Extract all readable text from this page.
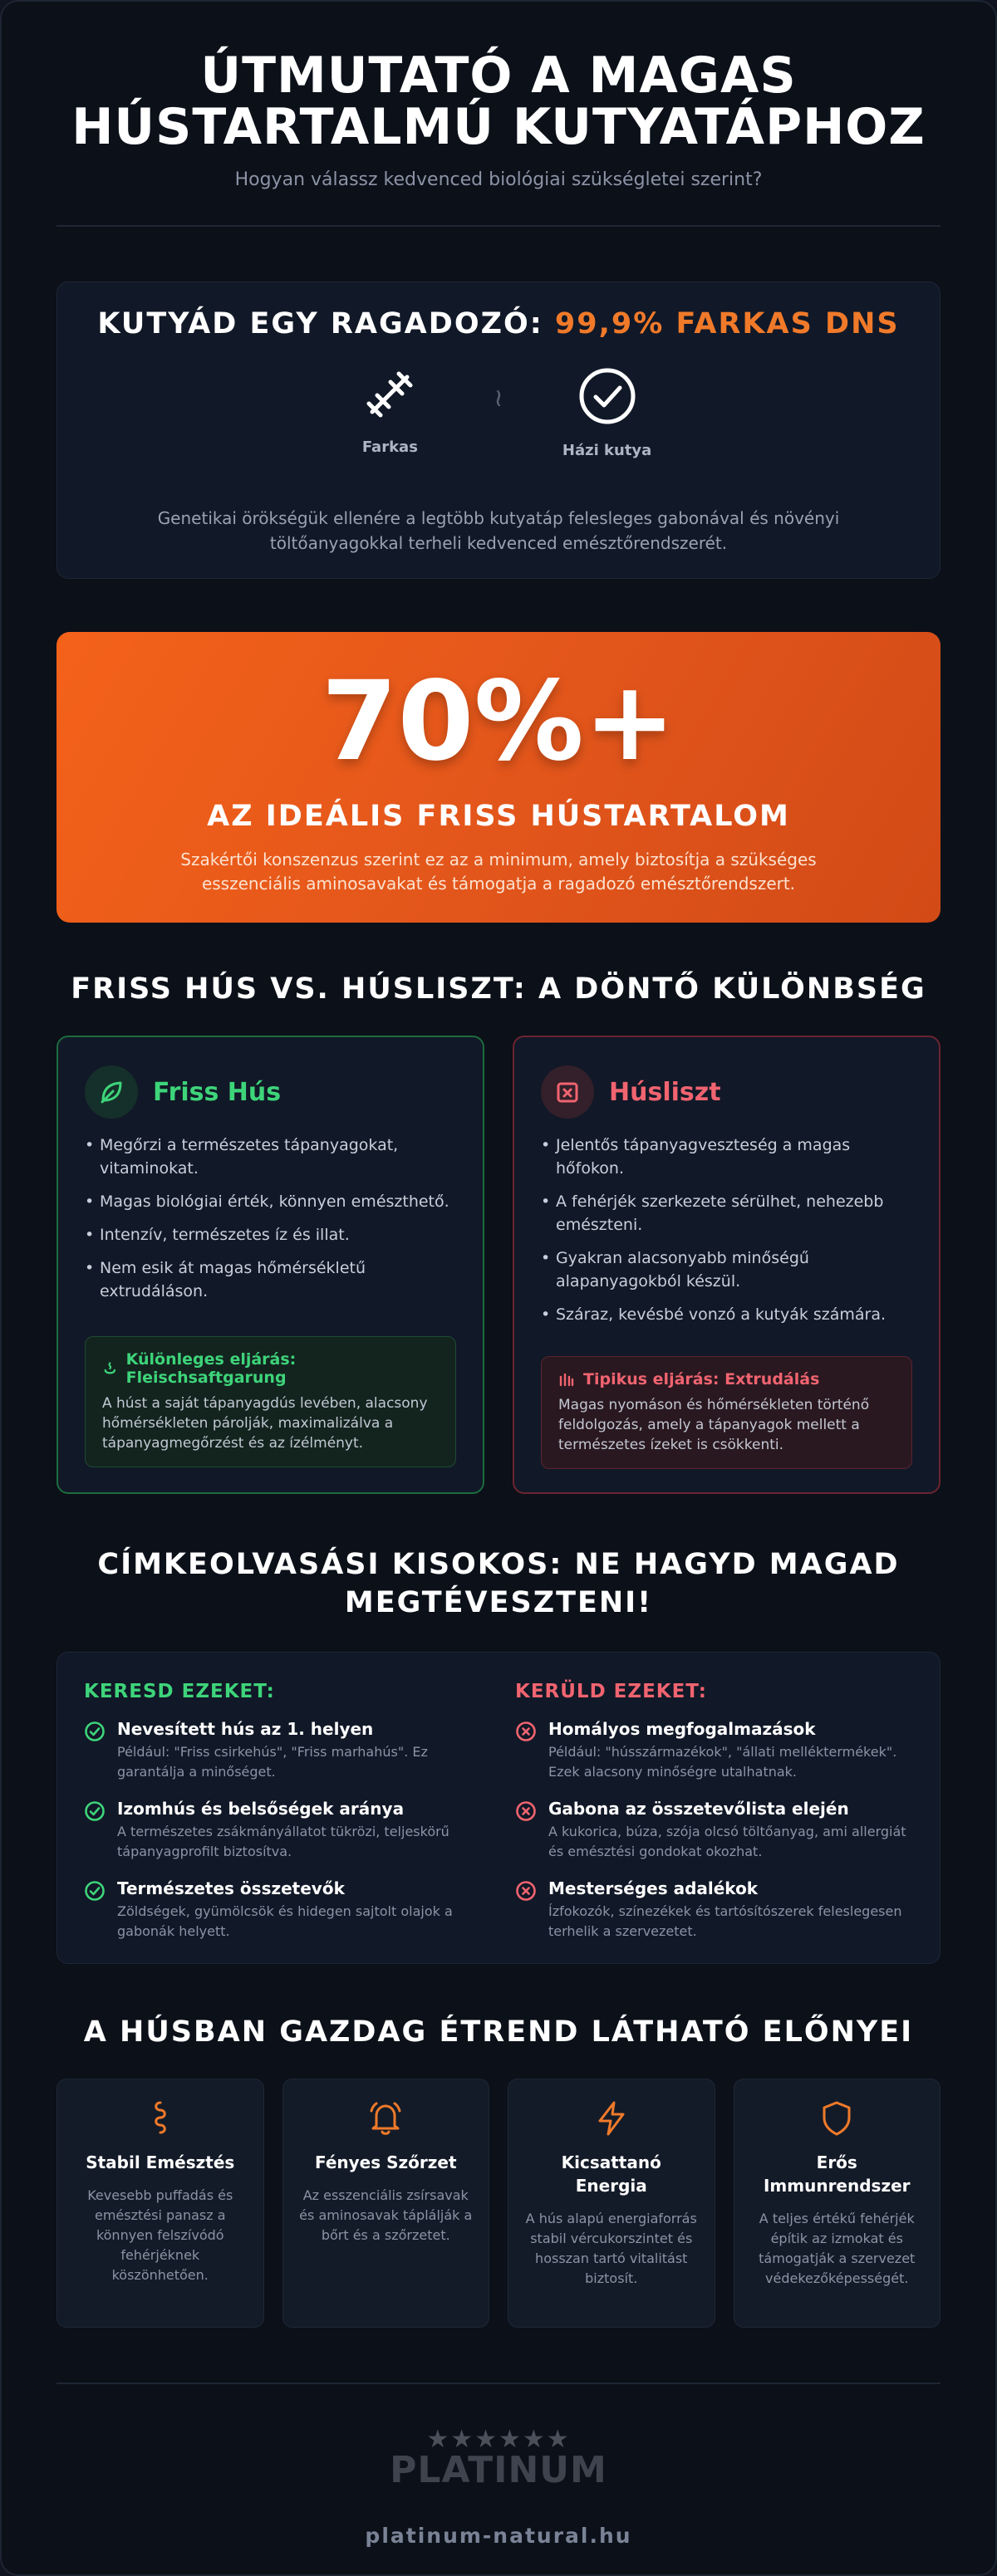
ÚTMUTATÓ A MAGAS
HÚSTARTALMÚ KUTYATÁPHOZ

Hogyan válassz kedvenced biológiai szükségletei szerint?

KUTYÁD EGY RAGADOZÓ: 99,9% FARKAS DNS
Farkas
≀
Házi kutya

Genetikai örökségük ellenére a legtöbb kutyatáp felesleges gabonával és növényi töltőanyagokkal terheli kedvenced emésztőrendszerét.

70%+
AZ IDEÁLIS FRISS HÚSTARTALOM

Szakértői konszenzus szerint ez az a minimum, amely biztosítja a szükséges esszenciális aminosavakat és támogatja a ragadozó emésztőrendszert.

FRISS HÚS VS. HÚSLISZT: A DÖNTŐ KÜLÖNBSÉG
Friss Hús
• Megőrzi a természetes tápanyagokat, vitaminokat.
• Magas biológiai érték, könnyen emészthető.
• Intenzív, természetes íz és illat.
• Nem esik át magas hőmérsékletű extrudáláson.
Különleges eljárás: Fleischsaftgarung
A húst a saját tápanyagdús levében, alacsony hőmérsékleten párolják, maximalizálva a tápanyagmegőrzést és az ízélményt.
Húsliszt
• Jelentős tápanyagveszteség a magas hőfokon.
• A fehérjék szerkezete sérülhet, nehezebb emészteni.
• Gyakran alacsonyabb minőségű alapanyagokból készül.
• Száraz, kevésbé vonzó a kutyák számára.
Tipikus eljárás: Extrudálás
Magas nyomáson és hőmérsékleten történő feldolgozás, amely a tápanyagok mellett a természetes ízeket is csökkenti.
CÍMKEOLVASÁSI KISOKOS: NE HAGYD MAGAD
MEGTÉVESZTENI!
KERESD EZEKET:
Nevesített hús az 1. helyen
Például: "Friss csirkehús", "Friss marhahús". Ez garantálja a minőséget.
Izomhús és belsőségek aránya
A természetes zsákmányállatot tükrözi, teljeskörű tápanyagprofilt biztosítva.
Természetes összetevők
Zöldségek, gyümölcsök és hidegen sajtolt olajok a gabonák helyett.
KERÜLD EZEKET:
Homályos megfogalmazások
Például: "hússzármazékok", "állati melléktermékek". Ezek alacsony minőségre utalhatnak.
Gabona az összetevőlista elején
A kukorica, búza, szója olcsó töltőanyag, ami allergiát és emésztési gondokat okozhat.
Mesterséges adalékok
Ízfokozók, színezékek és tartósítószerek feleslegesen terhelik a szervezetet.
A HÚSBAN GAZDAG ÉTREND LÁTHATÓ ELŐNYEI
Stabil Emésztés
Kevesebb puffadás és emésztési panasz a könnyen felszívódó fehérjéknek köszönhetően.
Fényes Szőrzet
Az esszenciális zsírsavak és aminosavak táplálják a bőrt és a szőrzetet.
Kicsattanó Energia
A hús alapú energiaforrás stabil vércukorszintet és hosszan tartó vitalitást biztosít.
Erős Immunrendszer
A teljes értékű fehérjék építik az izmokat és támogatják a szervezet védekezőképességét.
★★★★★★
PLATINUM
platinum-natural.hu
